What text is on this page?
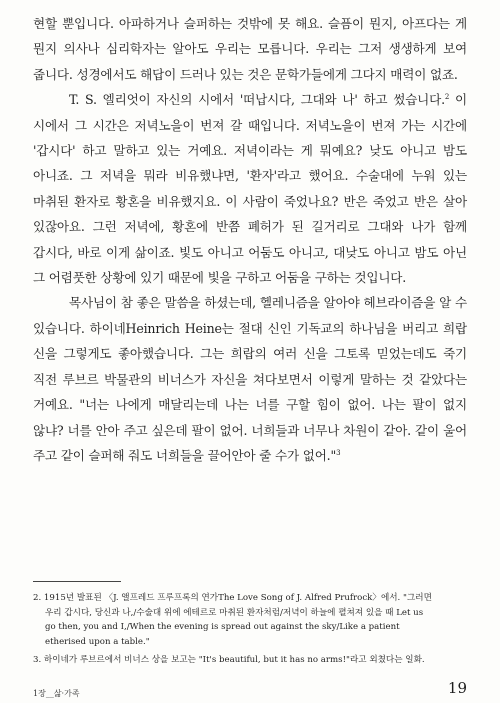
현할 뿐입니다. 아파하거나 슬퍼하는 것밖에 못 해요. 슬픔이 뭔지, 아프다는 게 뭔지 의사나 심리학자는 알아도 우리는 모릅니다. 우리는 그저 생생하게 보여 줍니다. 성경에서도 해답이 드러나 있는 것은 문학가들에게 그다지 매력이 없죠.

T. S. 엘리엇이 자신의 시에서 '떠납시다, 그대와 나' 하고 썼습니다.$^2$ 이 시에서 그 시간은 저녁노을이 번져 갈 때입니다. 저녁노을이 번져 가는 시간에 '갑시다' 하고 말하고 있는 거예요. 저녁이라는 게 뭐예요? 낮도 아니고 밤도 아니죠. 그 저녁을 뭐라 비유했냐면, '환자'라고 했어요. 수술대에 누워 있는 마취된 환자로 황혼을 비유했지요. 이 사람이 죽었나요? 반은 죽었고 반은 살아 있잖아요. 그런 저녁에, 황혼에 반쯤 폐허가 된 길거리로 그대와 나가 함께 갑시다, 바로 이게 삶이죠. 빛도 아니고 어둠도 아니고, 대낮도 아니고 밤도 아닌 그 어렴풋한 상황에 있기 때문에 빛을 구하고 어둠을 구하는 것입니다.

목사님이 참 좋은 말씀을 하셨는데, 헬레니즘을 알아야 헤브라이즘을 알 수 있습니다. 하이네Heinrich Heine는 절대 신인 기독교의 하나님을 버리고 희랍 신을 그렇게도 좋아했습니다. 그는 희랍의 여러 신을 그토록 믿었는데도 죽기 직전 루브르 박물관의 비너스가 자신을 쳐다보면서 이렇게 말하는 것 같았다는 거예요. "너는 나에게 매달리는데 나는 너를 구할 힘이 없어. 나는 팔이 없지 않냐? 너를 안아 주고 싶은데 팔이 없어. 너희들과 너무나 차원이 같아. 같이 울어 주고 같이 슬퍼해 줘도 너희들을 끌어안아 줄 수가 없어."$^3$

2. 1915년 발표된 〈J. 앨프레드 프루프록의 연가The Love Song of J. Alfred Prufrock〉에서. "그러면 우리 갑시다, 당신과 나,/수술대 위에 에테르로 마취된 환자처럼/저녁이 하늘에 펼쳐져 있을 때 Let us go then, you and I,/When the evening is spread out against the sky/Like a patient etherised upon a table."

3. 하이네가 루브르에서 비너스 상을 보고는 "It's beautiful, but it has no arms!"라고 외쳤다는 일화.

1장__삶·가족	19
